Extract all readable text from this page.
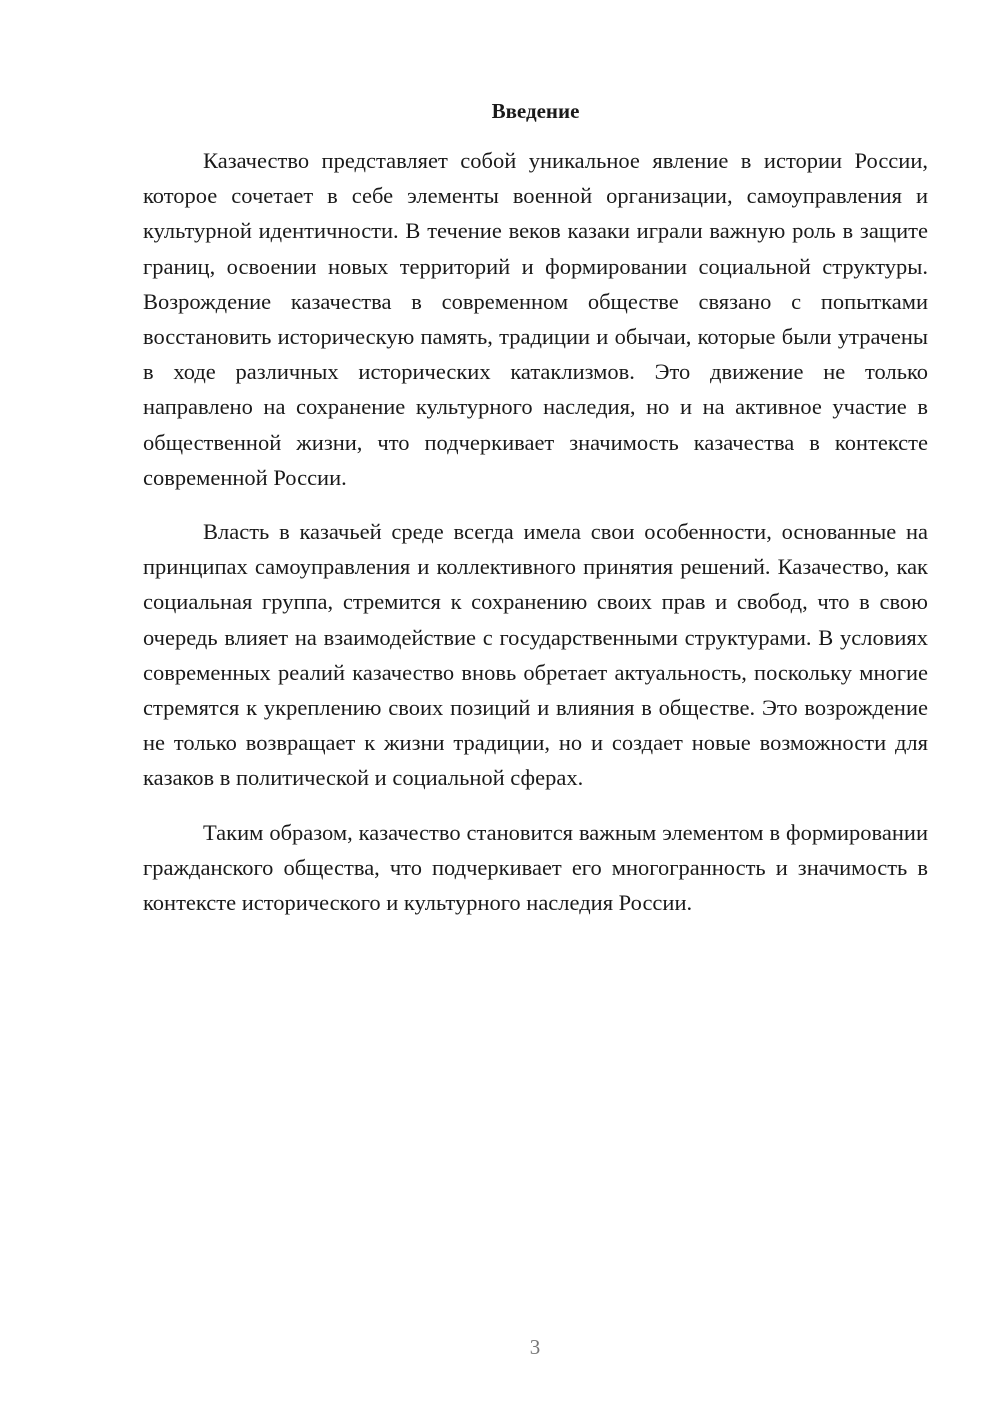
Введение

Казачество представляет собой уникальное явление в истории России, которое сочетает в себе элементы военной организации, самоуправления и культурной идентичности. В течение веков казаки играли важную роль в защите границ, освоении новых территорий и формировании социальной структуры. Возрождение казачества в современном обществе связано с попытками восстановить историческую память, традиции и обычаи, которые были утрачены в ходе различных исторических катаклизмов. Это движение не только направлено на сохранение культурного наследия, но и на активное участие в общественной жизни, что подчеркивает значимость казачества в контексте современной России.

Власть в казачьей среде всегда имела свои особенности, основанные на принципах самоуправления и коллективного принятия решений. Казачество, как социальная группа, стремится к сохранению своих прав и свобод, что в свою очередь влияет на взаимодействие с государственными структурами. В условиях современных реалий казачество вновь обретает актуальность, поскольку многие стремятся к укреплению своих позиций и влияния в обществе. Это возрождение не только возвращает к жизни традиции, но и создает новые возможности для казаков в политической и социальной сферах.

Таким образом, казачество становится важным элементом в формировании гражданского общества, что подчеркивает его многогранность и значимость в контексте исторического и культурного наследия России.

3
